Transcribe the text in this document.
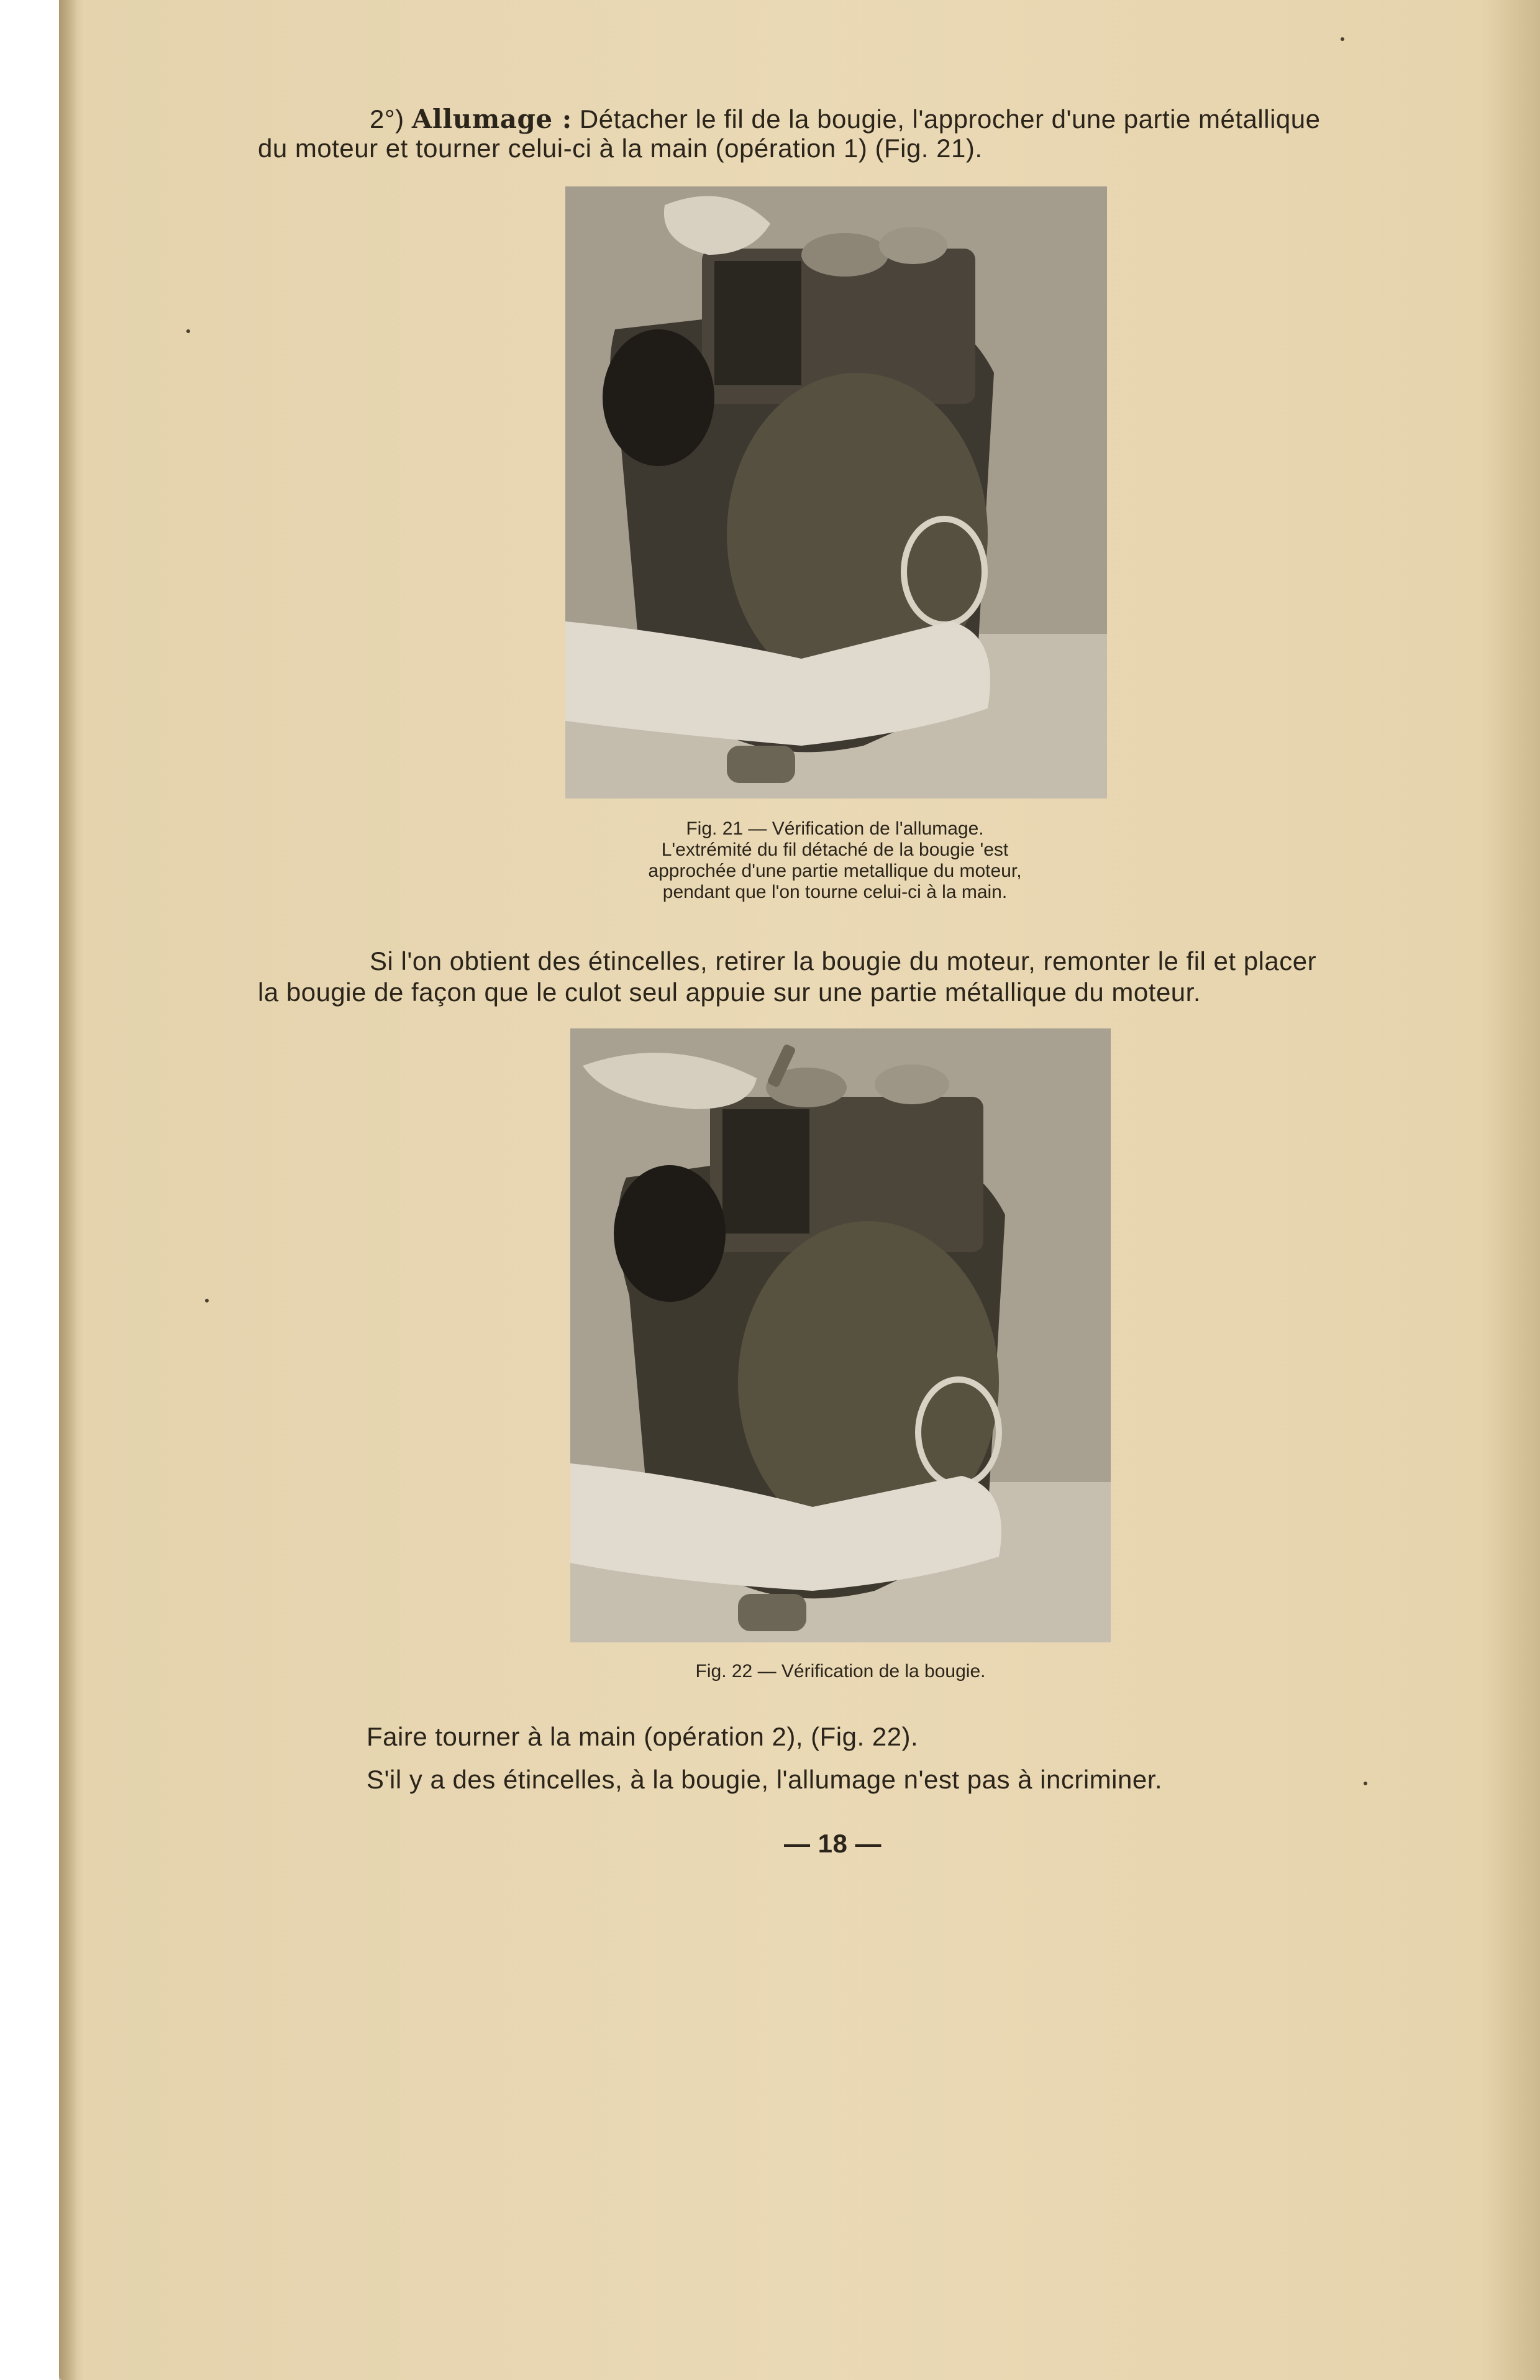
2°) Allumage : Détacher le fil de la bougie, l'approcher d'une partie métallique
du moteur et tourner celui-ci à la main (opération 1) (Fig. 21).
Fig. 21 — Vérification de l'allumage.
L'extrémité du fil détaché de la bougie 'est
approchée d'une partie metallique du moteur,
pendant que l'on tourne celui-ci à la main.
Si l'on obtient des étincelles, retirer la bougie du moteur, remonter le fil et placer
la bougie de façon que le culot seul appuie sur une partie métallique du moteur.
Fig. 22 — Vérification de la bougie.
Faire tourner à la main (opération 2), (Fig. 22).
S'il y a des étincelles, à la bougie, l'allumage n'est pas à incriminer.
— 18 —
